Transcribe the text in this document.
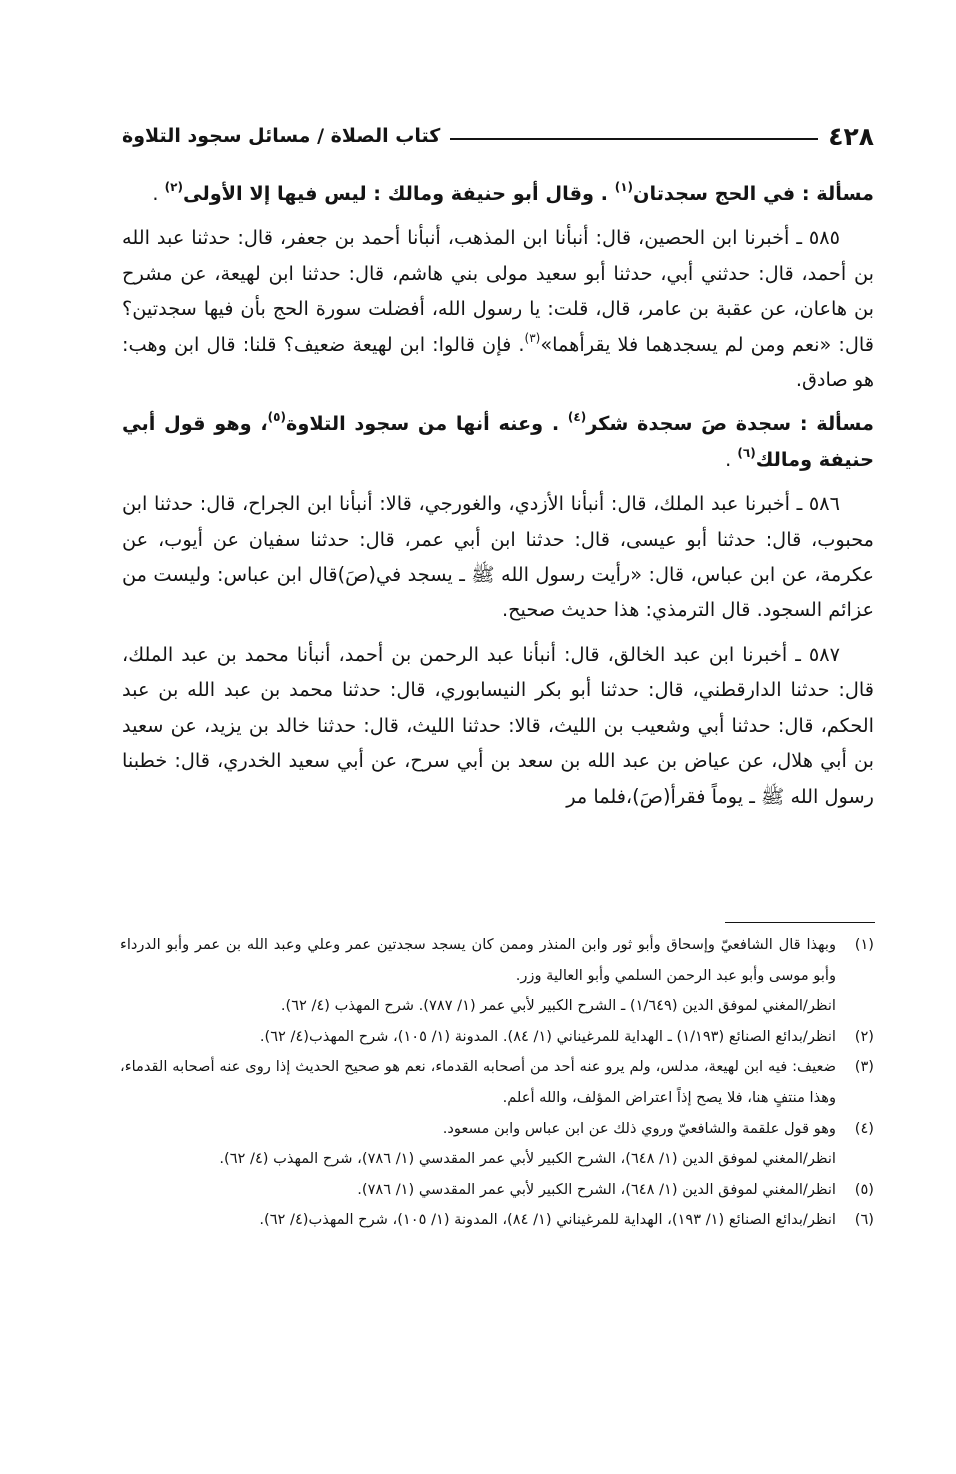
٤٢٨
كتاب الصلاة / مسائل سجود التلاوة

مسألة : في الحج سجدتان$^{(١)}$ . وقال أبو حنيفة ومالك : ليس فيها إلا الأولى$^{(٢)}$ .

٥٨٥ ـ أخبرنا ابن الحصين، قال: أنبأنا ابن المذهب، أنبأنا أحمد بن جعفر، قال: حدثنا عبد الله بن أحمد، قال: حدثني أبي، حدثنا أبو سعيد مولى بني هاشم، قال: حدثنا ابن لهيعة، عن مشرح بن هاعان، عن عقبة بن عامر، قال، قلت: يا رسول الله، أفضلت سورة الحج بأن فيها سجدتين؟ قال: «نعم ومن لم يسجدهما فلا يقرأهما»$^{(٣)}$. فإن قالوا: ابن لهيعة ضعيف؟ قلنا: قال ابن وهب: هو صادق.

مسألة : سجدة صَ سجدة شكر$^{(٤)}$ . وعنه أنها من سجود التلاوة$^{(٥)}$، وهو قول أبي حنيفة ومالك$^{(٦)}$ .

٥٨٦ ـ أخبرنا عبد الملك، قال: أنبأنا الأزدي، والغورجي، قالا: أنبأنا ابن الجراح، قال: حدثنا ابن محبوب، قال: حدثنا أبو عيسى، قال: حدثنا ابن أبي عمر، قال: حدثنا سفيان عن أيوب، عن عكرمة، عن ابن عباس، قال: «رأيت رسول الله ﷺ ـ يسجد في(صَ)قال ابن عباس: وليست من عزائم السجود. قال الترمذي: هذا حديث صحيح.

٥٨٧ ـ أخبرنا ابن عبد الخالق، قال: أنبأنا عبد الرحمن بن أحمد، أنبأنا محمد بن عبد الملك، قال: حدثنا الدارقطني، قال: حدثنا أبو بكر النيسابوري، قال: حدثنا محمد بن عبد الله بن عبد الحكم، قال: حدثنا أبي وشعيب بن الليث، قالا: حدثنا الليث، قال: حدثنا خالد بن يزيد، عن سعيد بن أبي هلال، عن عياض بن عبد الله بن سعد بن أبي سرح، عن أبي سعيد الخدري، قال: خطبنا رسول الله ﷺ ـ يوماً فقرأ(صَ)،فلما مر

(١)
وبهذا قال الشافعيّ وإسحاق وأبو ثور وابن المنذر وممن كان يسجد سجدتين عمر وعلي وعبد الله بن عمر وأبو الدرداء وأبو موسى وأبو عبد الرحمن السلمي وأبو العالية وزر.
انظر/المغني لموفق الدين (١/٦٤٩) ـ الشرح الكبير لأبي عمر (١/ ٧٨٧). شرح المهذب (٤/ ٦٢).
(٢)
انظر/بدائع الصنائع (١/١٩٣) ـ الهداية للمرغيناني (١/ ٨٤). المدونة (١/ ١٠٥)، شرح المهذب(٤/ ٦٢).
(٣)
ضعيف: فيه ابن لهيعة، مدلس، ولم يرو عنه أحد من أصحابه القدماء، نعم هو صحيح الحديث إذا روى عنه أصحابه القدماء، وهذا منتفٍ هنا، فلا يصح إذاً اعتراض المؤلف، والله أعلم.
(٤)
وهو قول علقمة والشافعيّ وروي ذلك عن ابن عباس وابن مسعود.
انظر/المغني لموفق الدين (١/ ٦٤٨)، الشرح الكبير لأبي عمر المقدسي (١/ ٧٨٦)، شرح المهذب (٤/ ٦٢).
(٥)
انظر/المغني لموفق الدين (١/ ٦٤٨)، الشرح الكبير لأبي عمر المقدسي (١/ ٧٨٦).
(٦)
انظر/بدائع الصنائع (١/ ١٩٣)، الهداية للمرغيناني (١/ ٨٤)، المدونة (١/ ١٠٥)، شرح المهذب(٤/ ٦٢).
